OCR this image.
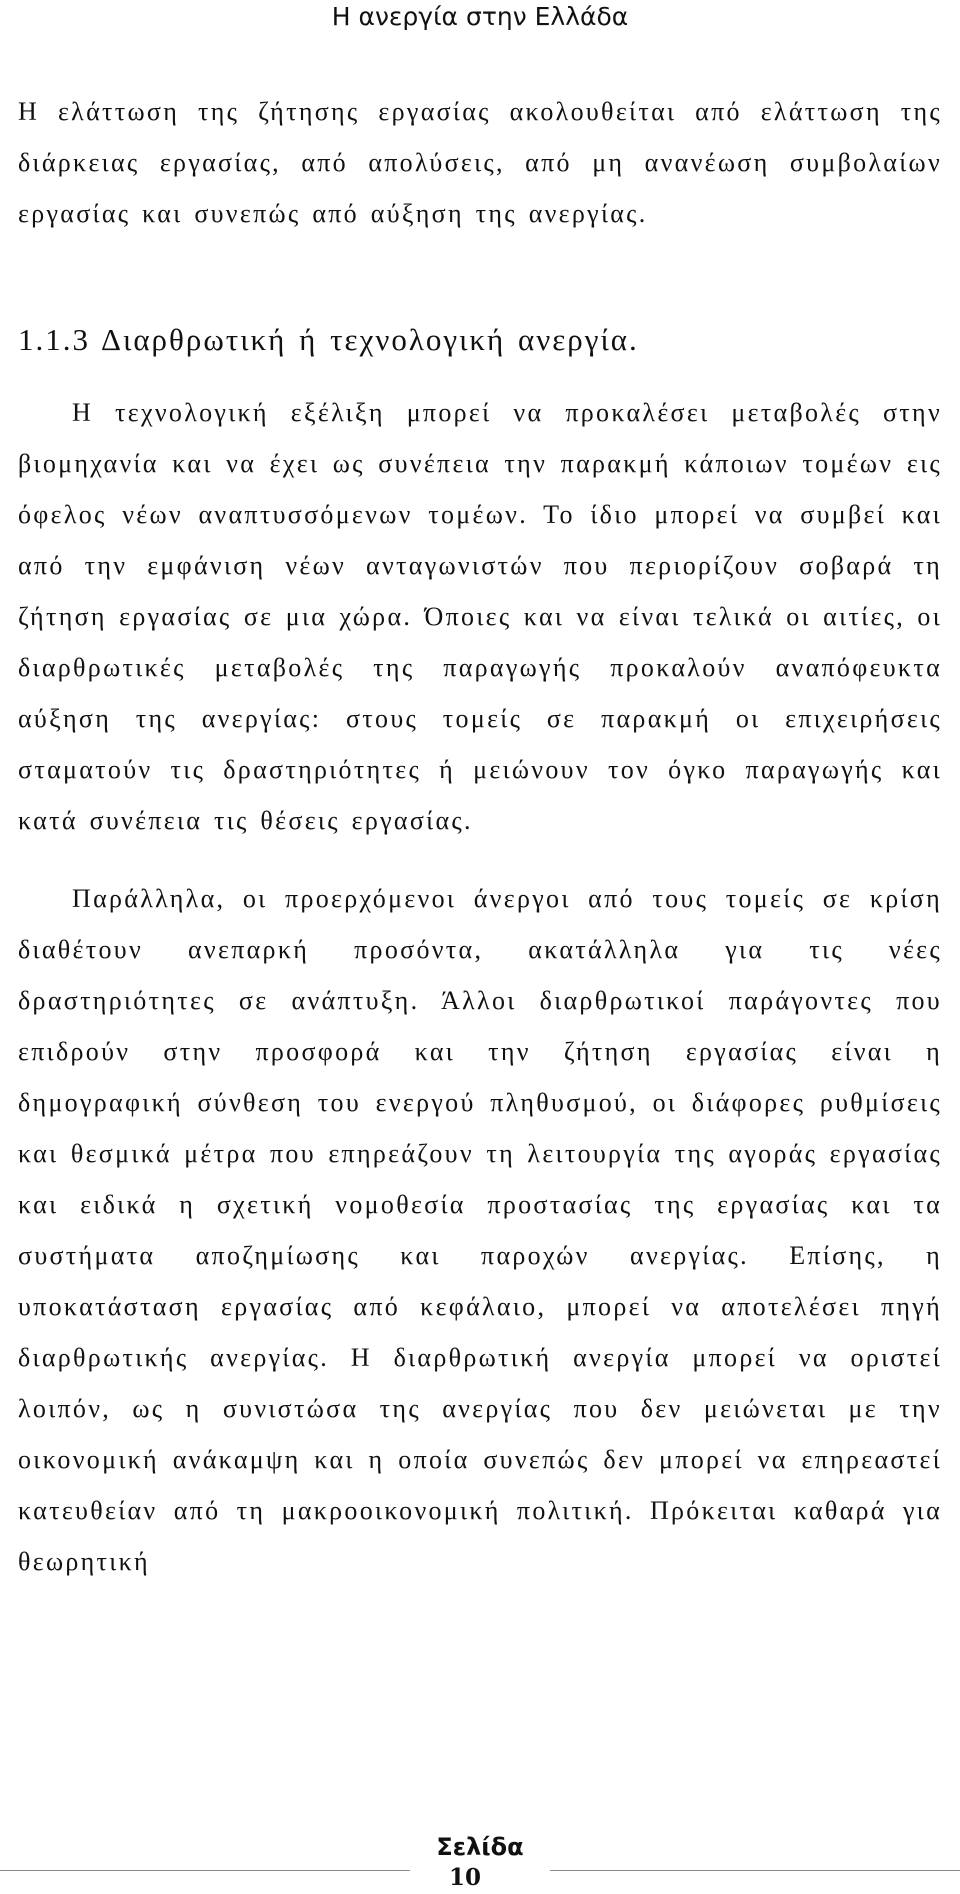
Η ανεργία στην Ελλάδα

Η ελάττωση της ζήτησης εργασίας ακολουθείται από ελάττωση της διάρκειας εργασίας, από απολύσεις, από μη ανανέωση συμβολαίων εργασίας και συνεπώς από αύξηση της ανεργίας.

1.1.3 Διαρθρωτική ή τεχνολογική ανεργία.

Η τεχνολογική εξέλιξη μπορεί να προκαλέσει μεταβολές στην βιομηχανία και να έχει ως συνέπεια την παρακμή κάποιων τομέων εις όφελος νέων αναπτυσσόμενων τομέων. Το ίδιο μπορεί να συμβεί και από την εμφάνιση νέων ανταγωνιστών που περιορίζουν σοβαρά τη ζήτηση εργασίας σε μια χώρα. Όποιες και να είναι τελικά οι αιτίες, οι διαρθρωτικές μεταβολές της παραγωγής προκαλούν αναπόφευκτα αύξηση της ανεργίας: στους τομείς σε παρακμή οι επιχειρήσεις σταματούν τις δραστηριότητες ή μειώνουν τον όγκο παραγωγής και κατά συνέπεια τις θέσεις εργασίας.

Παράλληλα, οι προερχόμενοι άνεργοι από τους τομείς σε κρίση διαθέτουν ανεπαρκή προσόντα, ακατάλληλα για τις νέες δραστηριότητες σε ανάπτυξη. Άλλοι διαρθρωτικοί παράγοντες που επιδρούν στην προσφορά και την ζήτηση εργασίας είναι η δημογραφική σύνθεση του ενεργού πληθυσμού, οι διάφορες ρυθμίσεις και θεσμικά μέτρα που επηρεάζουν τη λειτουργία της αγοράς εργασίας και ειδικά η σχετική νομοθεσία προστασίας της εργασίας και τα συστήματα αποζημίωσης και παροχών ανεργίας. Επίσης, η υποκατάσταση εργασίας από κεφάλαιο, μπορεί να αποτελέσει πηγή διαρθρωτικής ανεργίας. Η διαρθρωτική ανεργία μπορεί να οριστεί λοιπόν, ως η συνιστώσα της ανεργίας που δεν μειώνεται με την οικονομική ανάκαμψη και η οποία συνεπώς δεν μπορεί να επηρεαστεί κατευθείαν από τη μακροοικονομική πολιτική. Πρόκειται καθαρά για θεωρητική

Σελίδα
10
